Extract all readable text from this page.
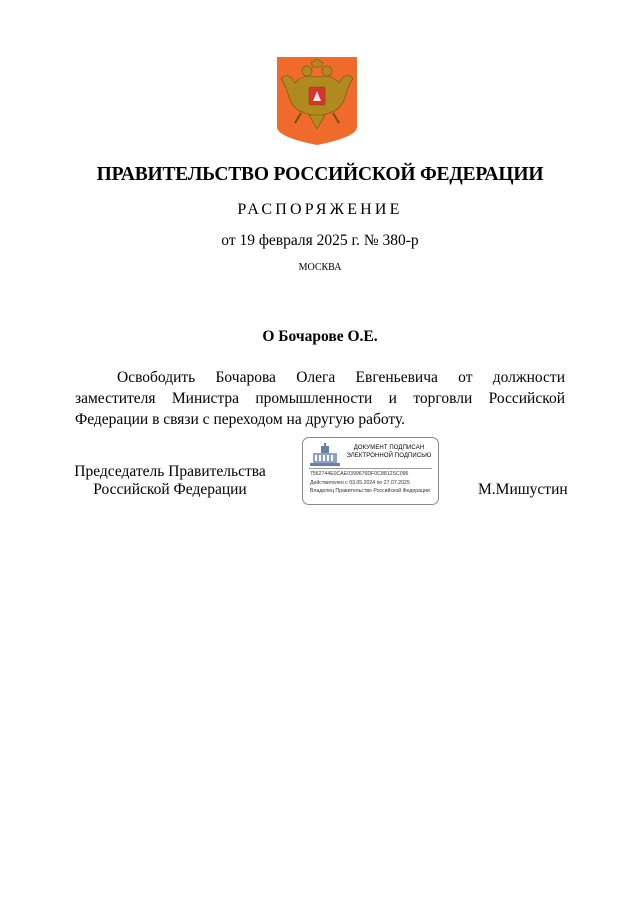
ПРАВИТЕЛЬСТВО РОССИЙСКОЙ ФЕДЕРАЦИИ
РАСПОРЯЖЕНИЕ
от 19 февраля 2025 г. № 380-р
МОСКВА
О Бочарове О.Е.

Освободить Бочарова Олега Евгеньевича от должности заместителя Министра промышленности и торговли Российской Федерации в связи с переходом на другую работу.

Председатель Правительства
Российской Федерации
ДОКУМЕНТ ПОДПИСАН
ЭЛЕКТРОННОЙ ПОДПИСЬЮ
7562744E0CAE0399676DF0C8812SC096
Действителен с 03.05.2024 по 27.07.2025
Владелец Правительство Российской Федерации	М.Мишустин
